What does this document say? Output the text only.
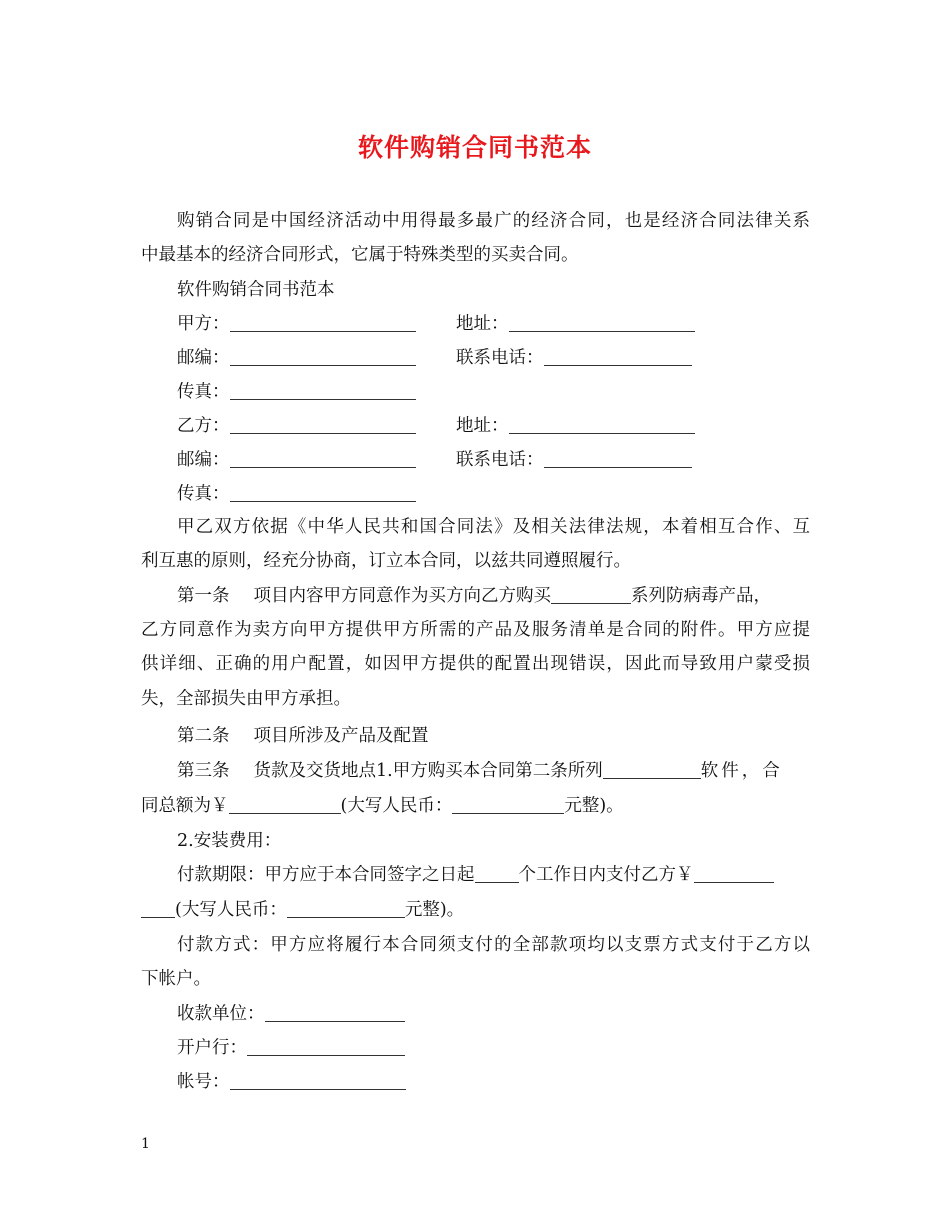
软件购销合同书范本
购销合同是中国经济活动中用得最多最广的经济合同，也是经济合同法律关系
中最基本的经济合同形式，它属于特殊类型的买卖合同。
软件购销合同书范本
甲方：	地址：
邮编：	联系电话：
传真：
乙方：	地址：
邮编：	联系电话：
传真：
甲乙双方依据《中华人民共和国合同法》及相关法律法规，本着相互合作、互
利互惠的原则，经充分协商，订立本合同，以兹共同遵照履行。
第一条 项目内容甲方同意作为买方向乙方购买	系列防病毒产品，
乙方同意作为卖方向甲方提供甲方所需的产品及服务清单是合同的附件。甲方应提
供详细、正确的用户配置，如因甲方提供的配置出现错误，因此而导致用户蒙受损
失，全部损失由甲方承担。
第二条 项目所涉及产品及配置
第三条 货款及交货地点1.甲方购买本合同第二条所列	软件，合
同总额为￥	(大写人民币：	元整)。
2.安装费用：
付款期限：甲方应于本合同签字之日起	个工作日内支付乙方￥
(大写人民币：	元整)。
付款方式：甲方应将履行本合同须支付的全部款项均以支票方式支付于乙方以
下帐户。
收款单位：
开户行：
帐号：
1
